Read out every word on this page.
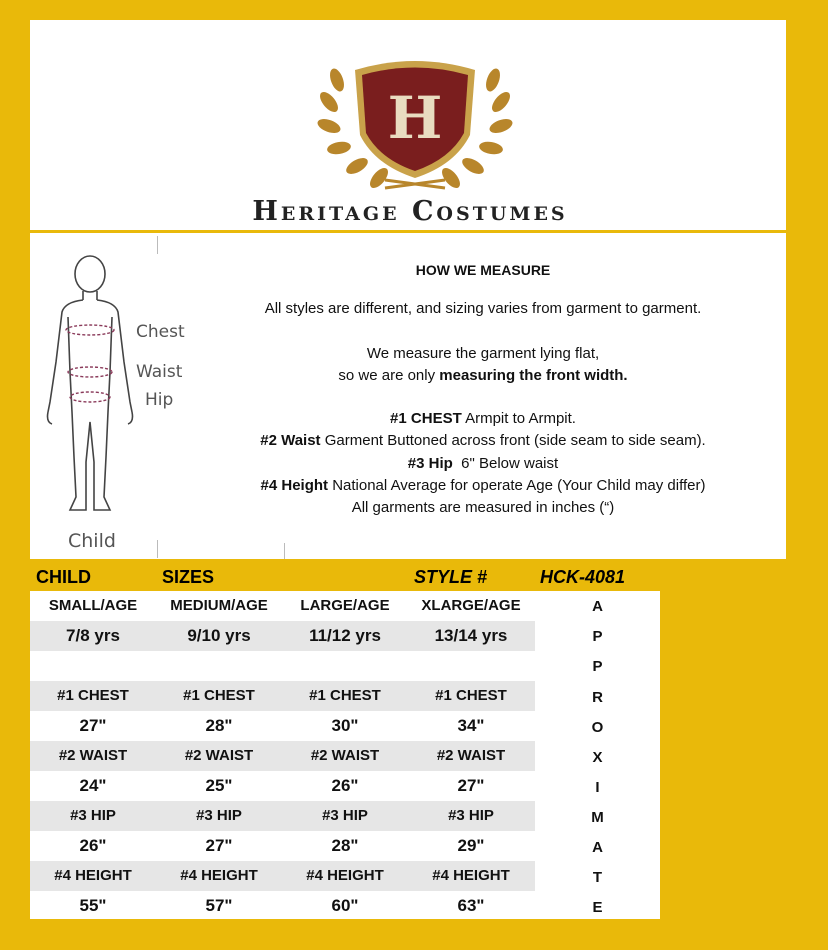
H
Heritage Costumes
Chest
Waist
Hip
Child
HOW WE MEASURE
All styles are different, and sizing varies from garment to garment.
We measure the garment lying flat,
so we are only measuring the front width.
#1 CHEST Armpit to Armpit.
#2 Waist Garment Buttoned across front (side seam to side seam).
#3 Hip  6" Below waist
#4 Height National Average for operate Age (Your Child may differ)
All garments are measured in inches (“)
CHILD	SIZES	STYLE #	HCK-4081
SMALL/AGE	MEDIUM/AGE	LARGE/AGE	XLARGE/AGE
7/8 yrs	9/10 yrs	11/12 yrs	13/14 yrs
#1 CHEST	#1 CHEST	#1 CHEST	#1 CHEST
27"	28"	30"	34"
#2 WAIST	#2 WAIST	#2 WAIST	#2 WAIST
24"	25"	26"	27"
#3 HIP	#3 HIP	#3 HIP	#3 HIP
26"	27"	28"	29"
#4 HEIGHT	#4 HEIGHT	#4 HEIGHT	#4 HEIGHT
55"	57"	60"	63"
A
P
P
R
O
X
I
M
A
T
E
